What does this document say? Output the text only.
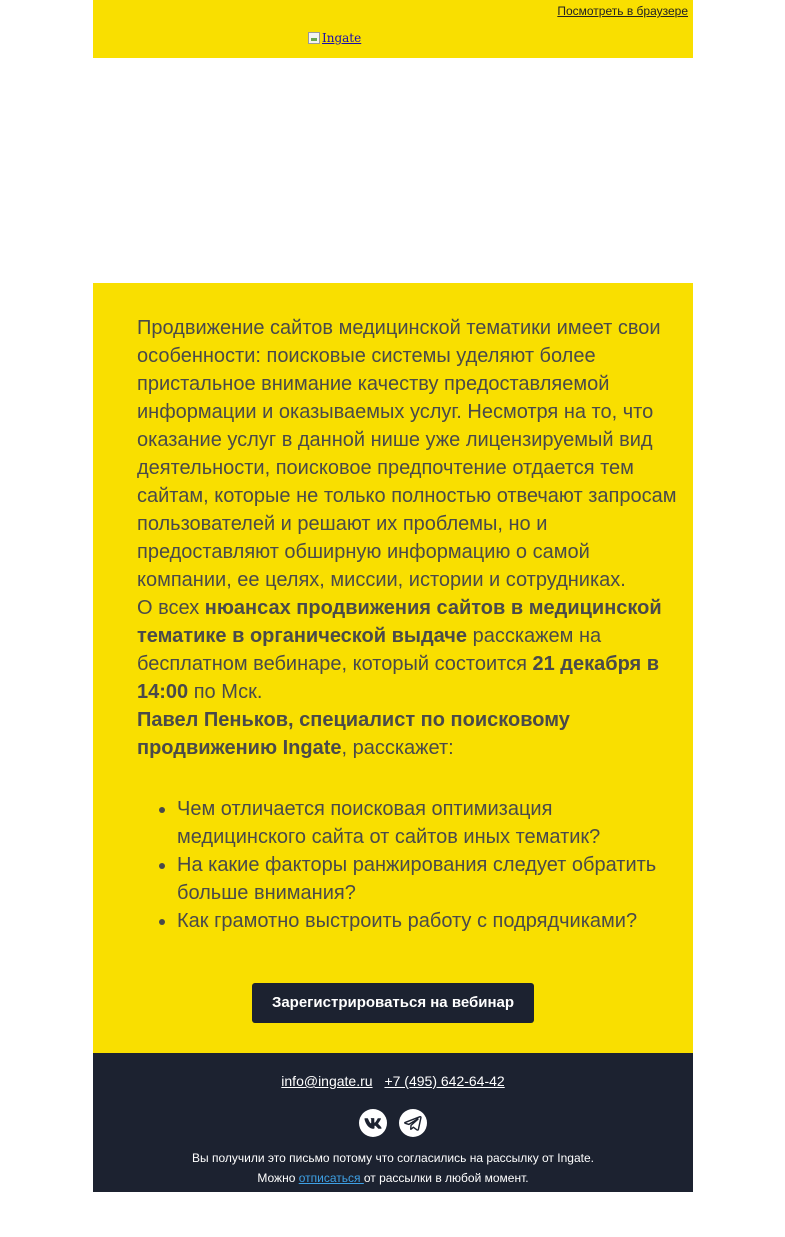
Посмотреть в браузере
Ingate

Продвижение сайтов медицинской тематики имеет свои особенности: поисковые системы уделяют более пристальное внимание качеству предоставляемой информации и оказываемых услуг. Несмотря на то, что оказание услуг в данной нише уже лицензируемый вид деятельности, поисковое предпочтение отдается тем сайтам, которые не только полностью отвечают запросам пользователей и решают их проблемы, но и предоставляют обширную информацию о самой компании, ее целях, миссии, истории и сотрудниках.

О всех нюансах продвижения сайтов в медицинской тематике в органической выдаче расскажем на бесплатном вебинаре, который состоится 21 декабря в 14:00 по Мск.

Павел Пеньков, специалист по поисковому продвижению Ingate, расскажет:

• Чем отличается поисковая оптимизация медицинского сайта от сайтов иных тематик?
• На какие факторы ранжирования следует обратить больше внимания?
• Как грамотно выстроить работу с подрядчиками?
Зарегистрироваться на вебинар
info@ingate.ru +7 (495) 642-64-42
Вы получили это письмо потому что согласились на рассылку от Ingate.
Можно отписаться от рассылки в любой момент.
